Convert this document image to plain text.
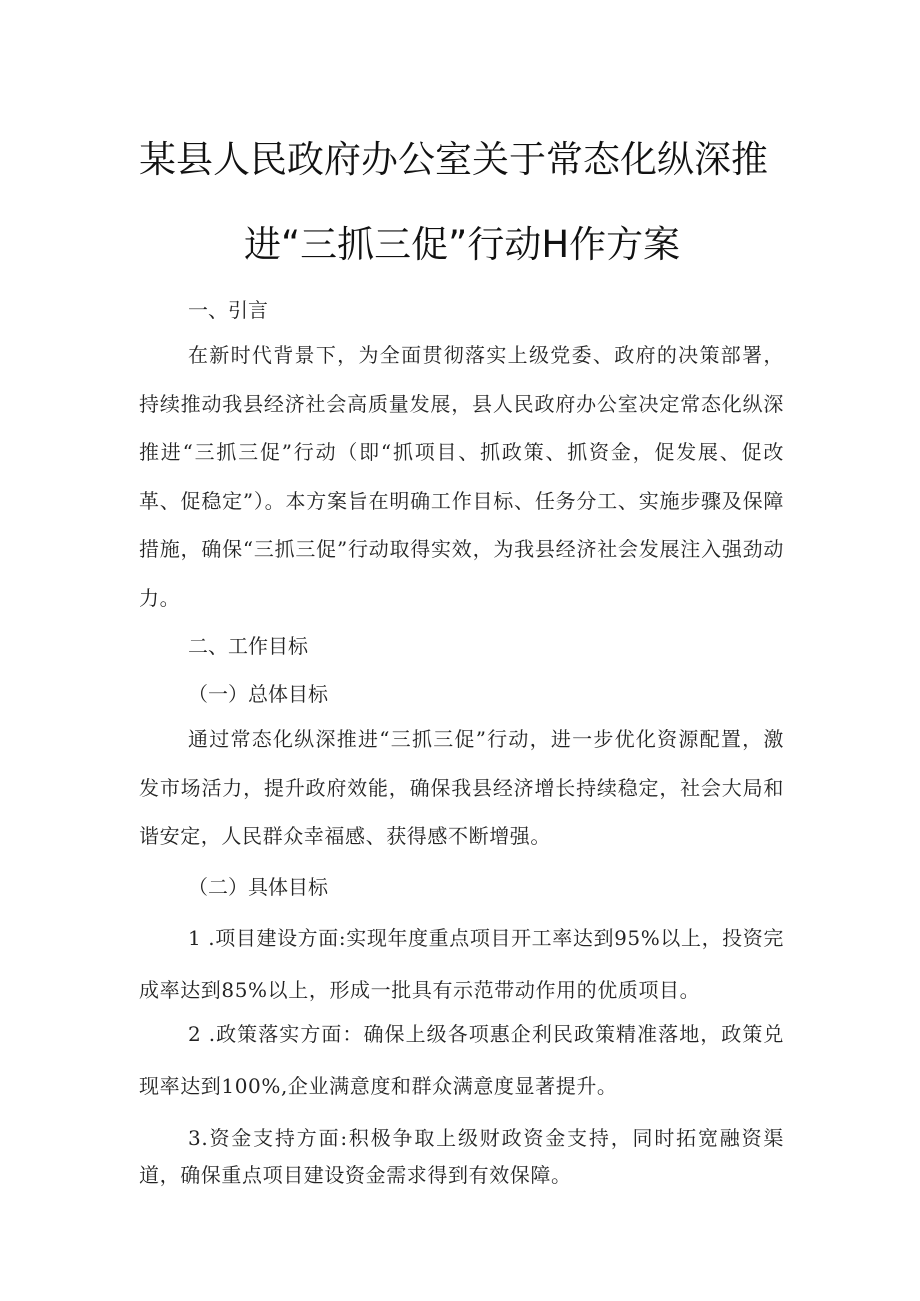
某县人民政府办公室关于常态化纵深推
进“三抓三促”行动H作方案
一、引言

在新时代背景下，为全面贯彻落实上级党委、政府的决策部署，持续推动我县经济社会高质量发展，县人民政府办公室决定常态化纵深推进“三抓三促”行动（即“抓项目、抓政策、抓资金，促发展、促改革、促稳定”）。本方案旨在明确工作目标、任务分工、实施步骤及保障措施，确保“三抓三促”行动取得实效，为我县经济社会发展注入强劲动力。

二、工作目标
（一）总体目标

通过常态化纵深推进“三抓三促”行动，进一步优化资源配置，激发市场活力，提升政府效能，确保我县经济增长持续稳定，社会大局和谐安定，人民群众幸福感、获得感不断增强。

（二）具体目标

1 .项目建设方面:实现年度重点项目开工率达到95%以上，投资完成率达到85%以上，形成一批具有示范带动作用的优质项目。

2 .政策落实方面：确保上级各项惠企利民政策精准落地，政策兑现率达到100%,企业满意度和群众满意度显著提升。

3.资金支持方面:积极争取上级财政资金支持，同时拓宽融资渠道，确保重点项目建设资金需求得到有效保障。
